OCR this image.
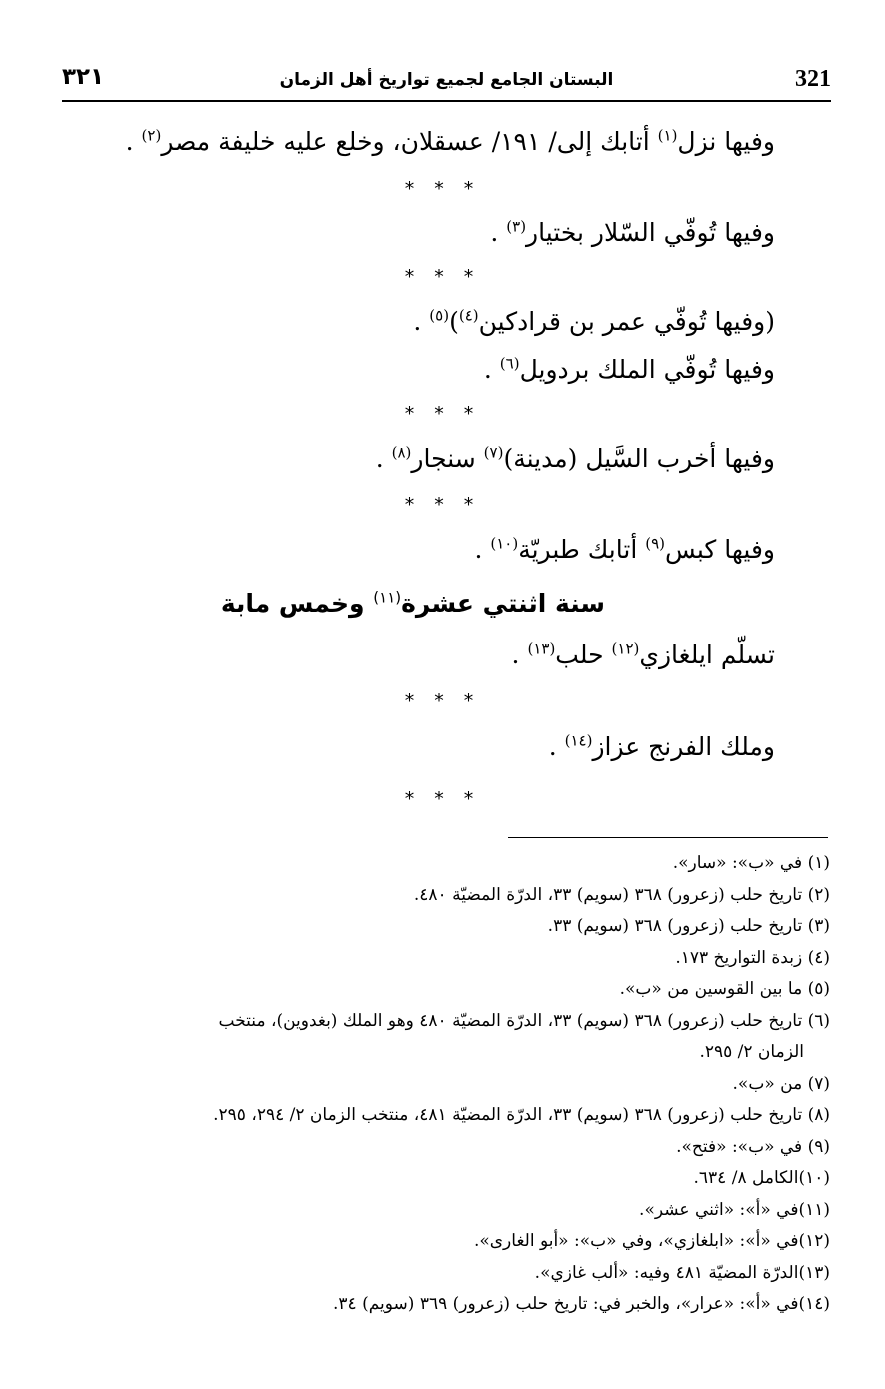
321
البستان الجامع لجميع تواريخ أهل الزمان
٣٢١
وفيها نزل$^{(١)}$ أتابك إلى/ ١٩١/ عسقلان، وخلع عليه خليفة مصر$^{(٢)}$ .
* * *
وفيها تُوفّي السّلار بختيار$^{(٣)}$ .
* * *
(وفيها تُوفّي عمر بن قرادكين$^{(٤)}$)$^{(٥)}$ .
وفيها تُوفّي الملك بردويل$^{(٦)}$ .
* * *
وفيها أخرب السَّيل (مدينة)$^{(٧)}$ سنجار$^{(٨)}$ .
* * *
وفيها كبس$^{(٩)}$ أتابك طبريّة$^{(١٠)}$ .
سنة اثنتي عشرة$^{(١١)}$ وخمس مابة
تسلّم ايلغازي$^{(١٢)}$ حلب$^{(١٣)}$ .
* * *
وملك الفرنج عزاز$^{(١٤)}$ .
* * *
(١) في «ب»: «سار».
(٢) تاريخ حلب (زعرور) ٣٦٨ (سويم) ٣٣، الدرّة المضيّة ٤٨٠.
(٣) تاريخ حلب (زعرور) ٣٦٨ (سويم) ٣٣.
(٤) زبدة التواريخ ١٧٣.
(٥) ما بين القوسين من «ب».
(٦) تاريخ حلب (زعرور) ٣٦٨ (سويم) ٣٣، الدرّة المضيّة ٤٨٠ وهو الملك (بغدوين)، منتخب
الزمان ٢/ ٢٩٥.
(٧) من «ب».
(٨) تاريخ حلب (زعرور) ٣٦٨ (سويم) ٣٣، الدرّة المضيّة ٤٨١، منتخب الزمان ٢/ ٢٩٤، ٢٩٥.
(٩) في «ب»: «فتح».
(١٠)الكامل ٨/ ٦٣٤.
(١١)في «أ»: «اثني عشر».
(١٢)في «أ»: «ابلغازي»، وفي «ب»: «أبو الغارى».
(١٣)الدرّة المضيّة ٤٨١ وفيه: «ألب غازي».
(١٤)في «أ»: «عرار»، والخبر في: تاريخ حلب (زعرور) ٣٦٩ (سويم) ٣٤.
